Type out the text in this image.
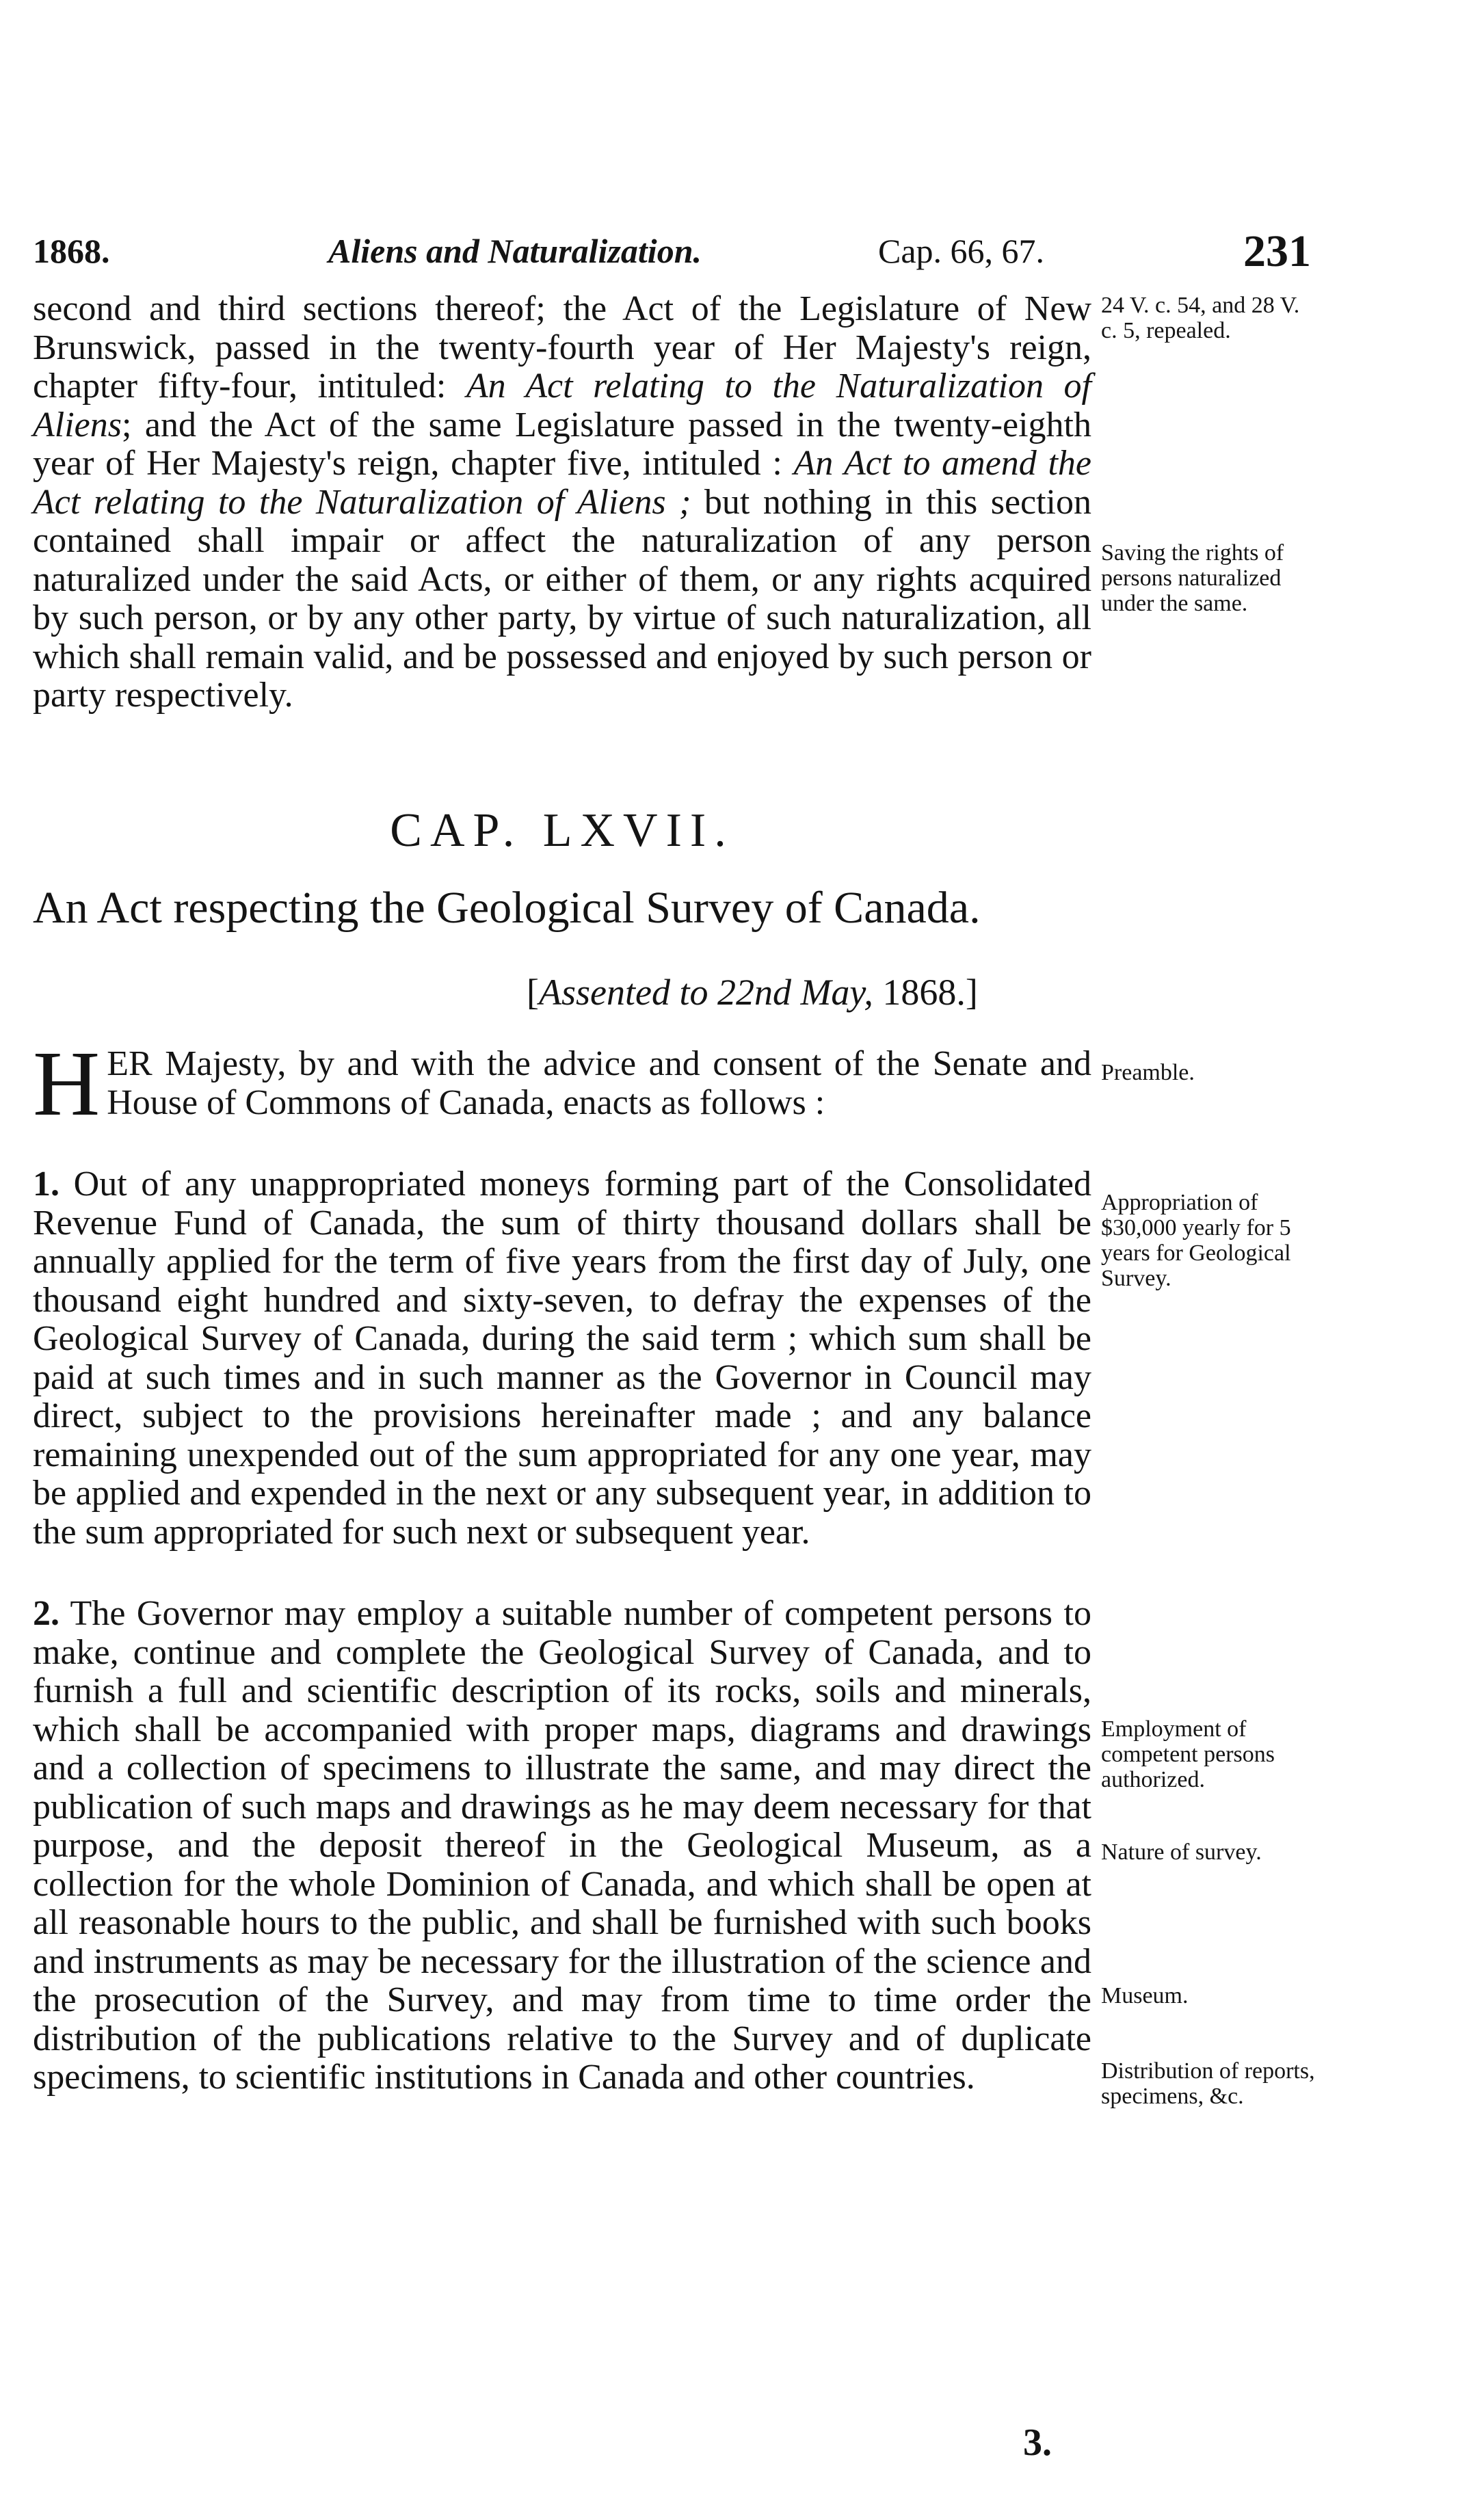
1868.	Aliens and Naturalization.	Cap. 66, 67.	231

second and third sections thereof; the Act of the Legislature of New Brunswick, passed in the twenty-fourth year of Her Majesty's reign, chapter fifty-four, intituled: An Act relating to the Naturalization of Aliens; and the Act of the same Legislature passed in the twenty-eighth year of Her Majesty's reign, chapter five, intituled : An Act to amend the Act relating to the Naturalization of Aliens ; but nothing in this section contained shall impair or affect the naturalization of any person naturalized under the said Acts, or either of them, or any rights acquired by such person, or by any other party, by virtue of such naturalization, all which shall remain valid, and be possessed and enjoyed by such person or party respectively.

CAP. LXVII.
An Act respecting the Geological Survey of Canada.
[Assented to 22nd May, 1868.]

HER Majesty, by and with the advice and consent of the Senate and House of Commons of Canada, enacts as follows :

1. Out of any unappropriated moneys forming part of the Consolidated Revenue Fund of Canada, the sum of thirty thousand dollars shall be annually applied for the term of five years from the first day of July, one thousand eight hundred and sixty-seven, to defray the expenses of the Geological Survey of Canada, during the said term ; which sum shall be paid at such times and in such manner as the Governor in Council may direct, subject to the provisions hereinafter made ; and any balance remaining unexpended out of the sum appropriated for any one year, may be applied and expended in the next or any subsequent year, in addition to the sum appropriated for such next or subsequent year.

2. The Governor may employ a suitable number of competent persons to make, continue and complete the Geological Survey of Canada, and to furnish a full and scientific description of its rocks, soils and minerals, which shall be accompanied with proper maps, diagrams and drawings and a collection of specimens to illustrate the same, and may direct the publication of such maps and drawings as he may deem necessary for that purpose, and the deposit thereof in the Geological Museum, as a collection for the whole Dominion of Canada, and which shall be open at all reasonable hours to the public, and shall be furnished with such books and instruments as may be necessary for the illustration of the science and the prosecution of the Survey, and may from time to time order the distribution of the publications relative to the Survey and of duplicate specimens, to scientific institutions in Canada and other countries.

24 V. c. 54, and 28 V. c. 5, repealed.
Saving the rights of persons naturalized under the same.
Preamble.
Appropriation of $30,000 yearly for 5 years for Geological Survey.
Employment of competent persons authorized.
Nature of survey.
Museum.
Distribution of reports, specimens, &c.
3.
